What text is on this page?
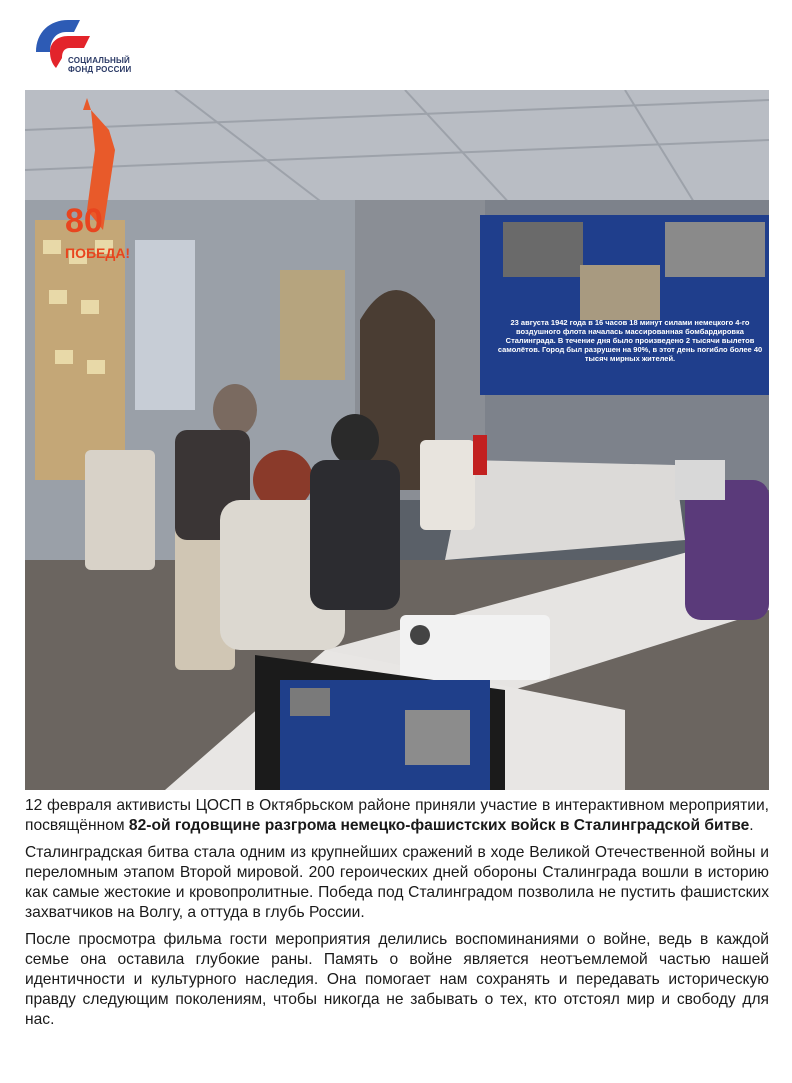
СОЦИАЛЬНЫЙ
ФОНД РОССИИ
80
ПОБЕДА!
23 августа 1942 года в 16 часов 18 минут силами немецкого 4-го воздушного флота началась массированная бомбардировка Сталинграда. В течение дня было произведено 2 тысячи вылетов самолётов. Город был разрушен на 90%, в этот день погибло более 40 тысяч мирных жителей.

12 февраля активисты ЦОСП в Октябрьском районе приняли участие в интерактивном мероприятии, посвящённом 82-ой годовщине разгрома немецко-фашистских войск в Сталинградской битве.

Сталинградская битва стала одним из крупнейших сражений в ходе Великой Отечественной войны и переломным этапом Второй мировой. 200 героических дней обороны Сталинграда вошли в историю как самые жестокие и кровопролитные. Победа под Сталинградом позволила не пустить фашистских захватчиков на Волгу, а оттуда в глубь России.

После просмотра фильма гости мероприятия делились воспоминаниями о войне, ведь в каждой семье она оставила глубокие раны. Память о войне является неотъемлемой частью нашей идентичности и культурного наследия. Она помогает нам сохранять и передавать историческую правду следующим поколениям, чтобы никогда не забывать о тех, кто отстоял мир и свободу для нас.
